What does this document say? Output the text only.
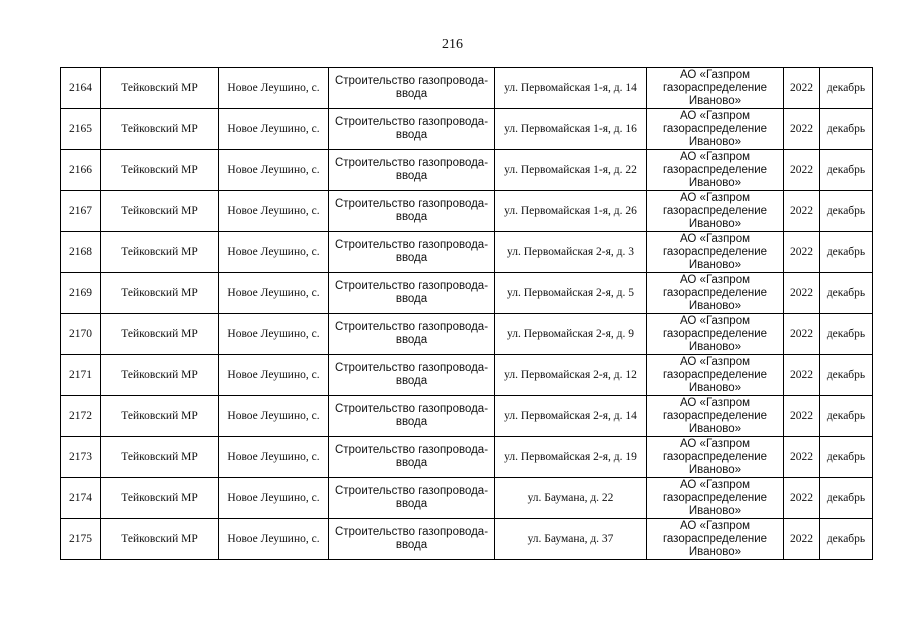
216
2164	Тейковский МР	Новое Леушино, с.	Строительство газопровода-ввода	ул. Первомайская 1-я, д. 14	АО «Газпром газораспределение Иваново»	2022	декабрь
2165	Тейковский МР	Новое Леушино, с.	Строительство газопровода-ввода	ул. Первомайская 1-я, д. 16	АО «Газпром газораспределение Иваново»	2022	декабрь
2166	Тейковский МР	Новое Леушино, с.	Строительство газопровода-ввода	ул. Первомайская 1-я, д. 22	АО «Газпром газораспределение Иваново»	2022	декабрь
2167	Тейковский МР	Новое Леушино, с.	Строительство газопровода-ввода	ул. Первомайская 1-я, д. 26	АО «Газпром газораспределение Иваново»	2022	декабрь
2168	Тейковский МР	Новое Леушино, с.	Строительство газопровода-ввода	ул. Первомайская 2-я, д. 3	АО «Газпром газораспределение Иваново»	2022	декабрь
2169	Тейковский МР	Новое Леушино, с.	Строительство газопровода-ввода	ул. Первомайская 2-я, д. 5	АО «Газпром газораспределение Иваново»	2022	декабрь
2170	Тейковский МР	Новое Леушино, с.	Строительство газопровода-ввода	ул. Первомайская 2-я, д. 9	АО «Газпром газораспределение Иваново»	2022	декабрь
2171	Тейковский МР	Новое Леушино, с.	Строительство газопровода-ввода	ул. Первомайская 2-я, д. 12	АО «Газпром газораспределение Иваново»	2022	декабрь
2172	Тейковский МР	Новое Леушино, с.	Строительство газопровода-ввода	ул. Первомайская 2-я, д. 14	АО «Газпром газораспределение Иваново»	2022	декабрь
2173	Тейковский МР	Новое Леушино, с.	Строительство газопровода-ввода	ул. Первомайская 2-я, д. 19	АО «Газпром газораспределение Иваново»	2022	декабрь
2174	Тейковский МР	Новое Леушино, с.	Строительство газопровода-ввода	ул. Баумана, д. 22	АО «Газпром газораспределение Иваново»	2022	декабрь
2175	Тейковский МР	Новое Леушино, с.	Строительство газопровода-ввода	ул. Баумана, д. 37	АО «Газпром газораспределение Иваново»	2022	декабрь
